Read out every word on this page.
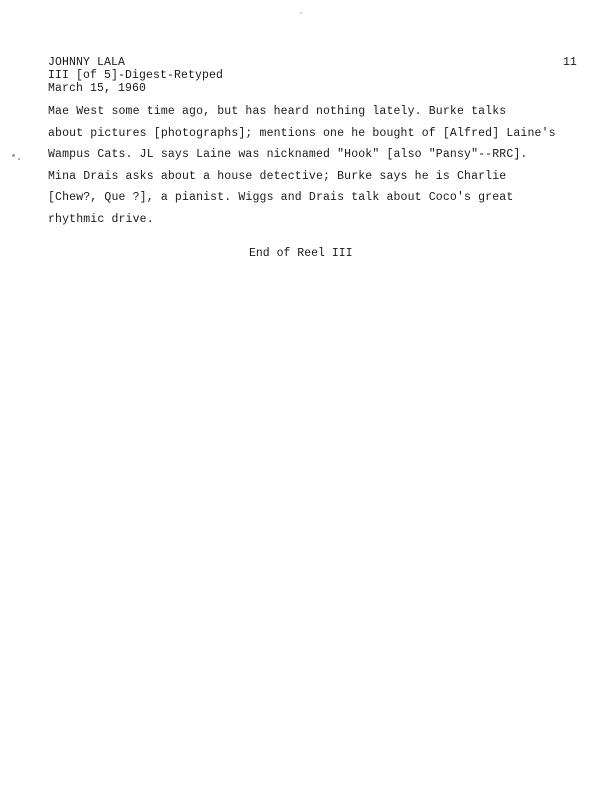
JOHNNY LALA
III [of 5]-Digest-Retyped
March 15, 1960
11
Mae West some time ago, but has heard nothing lately. Burke talks
about pictures [photographs]; mentions one he bought of [Alfred] Laine's
Wampus Cats. JL says Laine was nicknamed "Hook" [also "Pansy"--RRC].
Mina Drais asks about a house detective; Burke says he is Charlie
[Chew?, Que ?], a pianist. Wiggs and Drais talk about Coco's great
rhythmic drive.
End of Reel III
